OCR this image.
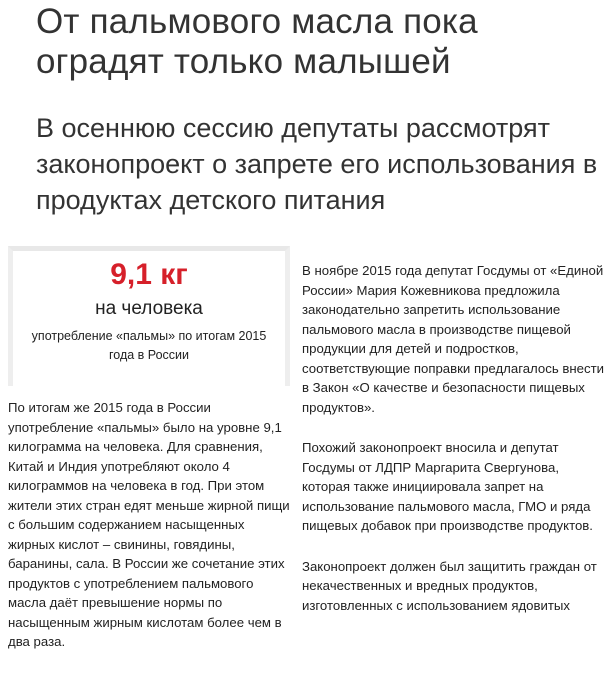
От пальмового масла пока оградят только малышей
В осеннюю сессию депутаты рассмотрят законопроект о запрете его использования в продуктах детского питания
9,1 кг
на человека
употребление «пальмы» по итогам 2015 года в России

По итогам же 2015 года в России употребление «пальмы» было на уровне 9,1 килограмма на человека. Для сравнения, Китай и Индия употребляют около 4 килограммов на человека в год. При этом жители этих стран едят меньше жирной пищи с большим содержанием насыщенных жирных кислот – свинины, говядины, баранины, сала. В России же сочетание этих продуктов с употреблением пальмового масла даёт превышение нормы по насыщенным жирным кислотам более чем в два раза.

В ноябре 2015 года депутат Госдумы от «Единой России» Мария Кожевникова предложила законодательно запретить использование пальмового масла в производстве пищевой продукции для детей и подростков, соответствующие поправки предлагалось внести в Закон «О качестве и безопасности пищевых продуктов».

Похожий законопроект вносила и депутат Госдумы от ЛДПР Маргарита Свергунова, которая также инициировала запрет на использование пальмового масла, ГМО и ряда пищевых добавок при производстве продуктов.

Законопроект должен был защитить граждан от некачественных и вредных продуктов, изготовленных с использованием ядовитых
